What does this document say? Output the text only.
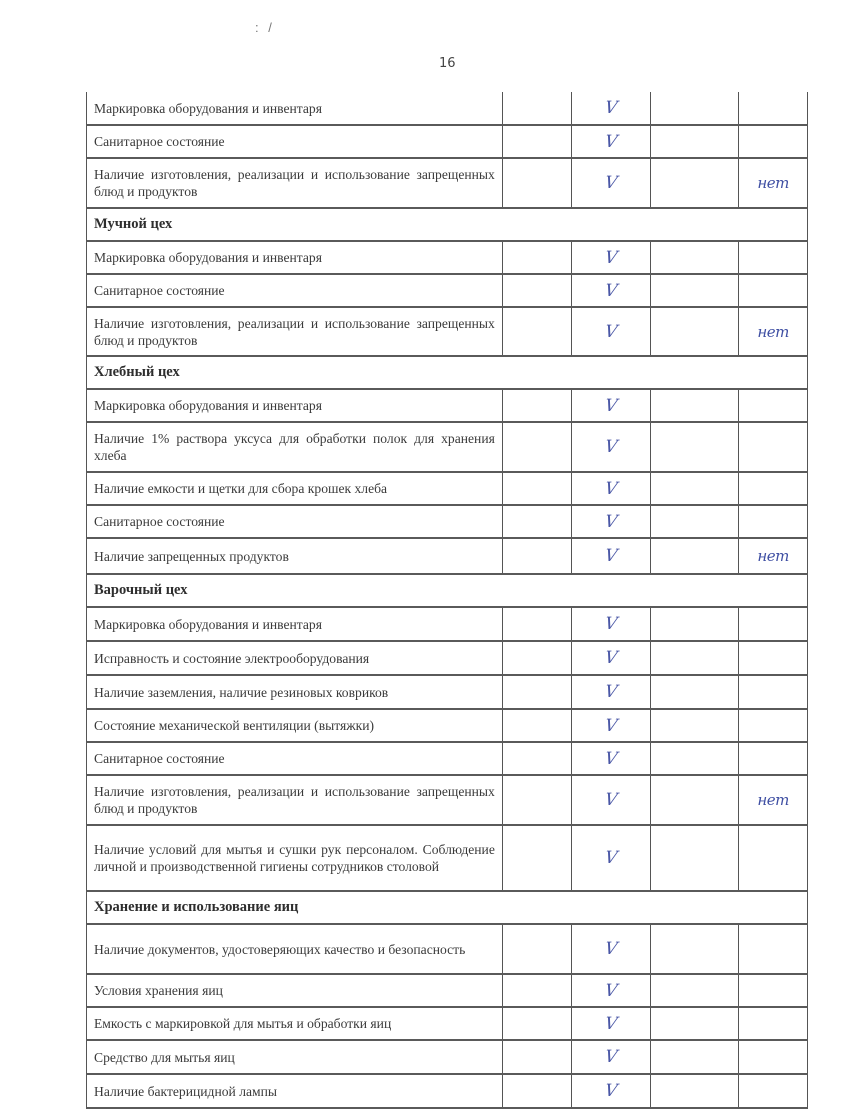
: /
16
Маркировка оборудования и инвентаря	V
Санитарное состояние	V
Наличие изготовления, реализации и использование запрещенных блюд и продуктов	V	нет
Мучной цех
Маркировка оборудования и инвентаря	V
Санитарное состояние	V
Наличие изготовления, реализации и использование запрещенных блюд и продуктов	V	нет
Хлебный цех
Маркировка оборудования и инвентаря	V
Наличие 1% раствора уксуса для обработки полок для хранения хлеба	V
Наличие емкости и щетки для сбора крошек хлеба	V
Санитарное состояние	V
Наличие запрещенных продуктов	V	нет
Варочный цех
Маркировка оборудования и инвентаря	V
Исправность и состояние электрооборудования	V
Наличие заземления, наличие резиновых ковриков	V
Состояние механической вентиляции (вытяжки)	V
Санитарное состояние	V
Наличие изготовления, реализации и использование запрещенных блюд и продуктов	V	нет
Наличие условий для мытья и сушки рук персоналом. Соблюдение личной и производственной гигиены сотрудников столовой	V
Хранение и использование яиц
Наличие документов, удостоверяющих качество и безопасность	V
Условия хранения яиц	V
Емкость с маркировкой для мытья и обработки яиц	V
Средство для мытья яиц	V
Наличие бактерицидной лампы	V
